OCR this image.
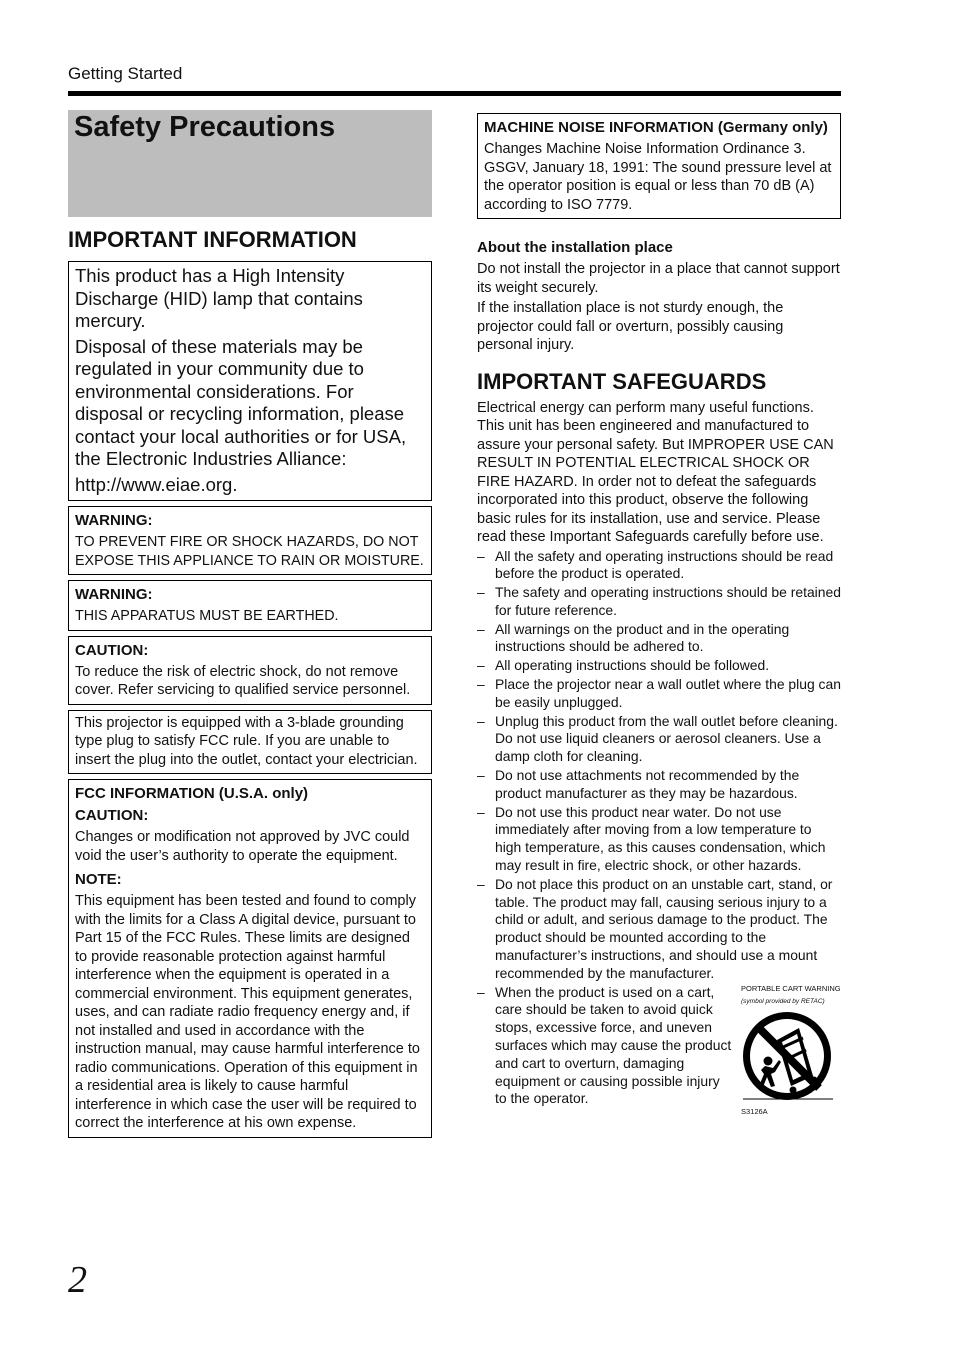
Getting Started
Safety Precautions
IMPORTANT INFORMATION

This product has a High Intensity Discharge (HID) lamp that contains mercury.

Disposal of these materials may be regulated in your community due to environmental considerations. For disposal or recycling information, please contact your local authorities or for USA, the Electronic Industries Alliance:

http://www.eiae.org.

WARNING:

TO PREVENT FIRE OR SHOCK HAZARDS, DO NOT EXPOSE THIS APPLIANCE TO RAIN OR MOISTURE.

WARNING:

THIS APPARATUS MUST BE EARTHED.

CAUTION:

To reduce the risk of electric shock, do not remove cover. Refer servicing to qualified service personnel.

This projector is equipped with a 3-blade grounding type plug to satisfy FCC rule. If you are unable to insert the plug into the outlet, contact your electrician.

FCC INFORMATION (U.S.A. only)
CAUTION:

Changes or modification not approved by JVC could void the user’s authority to operate the equipment.

NOTE:

This equipment has been tested and found to comply with the limits for a Class A digital device, pursuant to Part 15 of the FCC Rules. These limits are designed to provide reasonable protection against harmful interference when the equipment is operated in a commercial environment. This equipment generates, uses, and can radiate radio frequency energy and, if not installed and used in accordance with the instruction manual, may cause harmful interference to radio communications. Operation of this equipment in a residential area is likely to cause harmful interference in which case the user will be required to correct the interference at his own expense.

MACHINE NOISE INFORMATION (Germany only)

Changes Machine Noise Information Ordinance 3. GSGV, January 18, 1991: The sound pressure level at the operator position is equal or less than 70 dB (A) according to ISO 7779.

About the installation place

Do not install the projector in a place that cannot support its weight securely.

If the installation place is not sturdy enough, the projector could fall or overturn, possibly causing personal injury.

IMPORTANT SAFEGUARDS

Electrical energy can perform many useful functions. This unit has been engineered and manufactured to assure your personal safety. But IMPROPER USE CAN RESULT IN POTENTIAL ELECTRICAL SHOCK OR FIRE HAZARD. In order not to defeat the safeguards incorporated into this product, observe the following basic rules for its installation, use and service. Please read these Important Safeguards carefully before use.

– All the safety and operating instructions should be read before the product is operated.
– The safety and operating instructions should be retained for future reference.
– All warnings on the product and in the operating instructions should be adhered to.
– All operating instructions should be followed.
– Place the projector near a wall outlet where the plug can be easily unplugged.
– Unplug this product from the wall outlet before cleaning. Do not use liquid cleaners or aerosol cleaners. Use a damp cloth for cleaning.
– Do not use attachments not recommended by the product manufacturer as they may be hazardous.
– Do not use this product near water. Do not use immediately after moving from a low temperature to high temperature, as this causes condensation, which may result in fire, electric shock, or other hazards.
– Do not place this product on an unstable cart, stand, or table. The product may fall, causing serious injury to a child or adult, and serious damage to the product. The product should be mounted according to the manufacturer’s instructions, and should use a mount recommended by the manufacturer.
– When the product is used on a cart, care should be taken to avoid quick stops, excessive force, and uneven surfaces which may cause the product and cart to overturn, damaging equipment or causing possible injury to the operator.
PORTABLE CART WARNING
(symbol provided by RETAC)
S3126A
2
